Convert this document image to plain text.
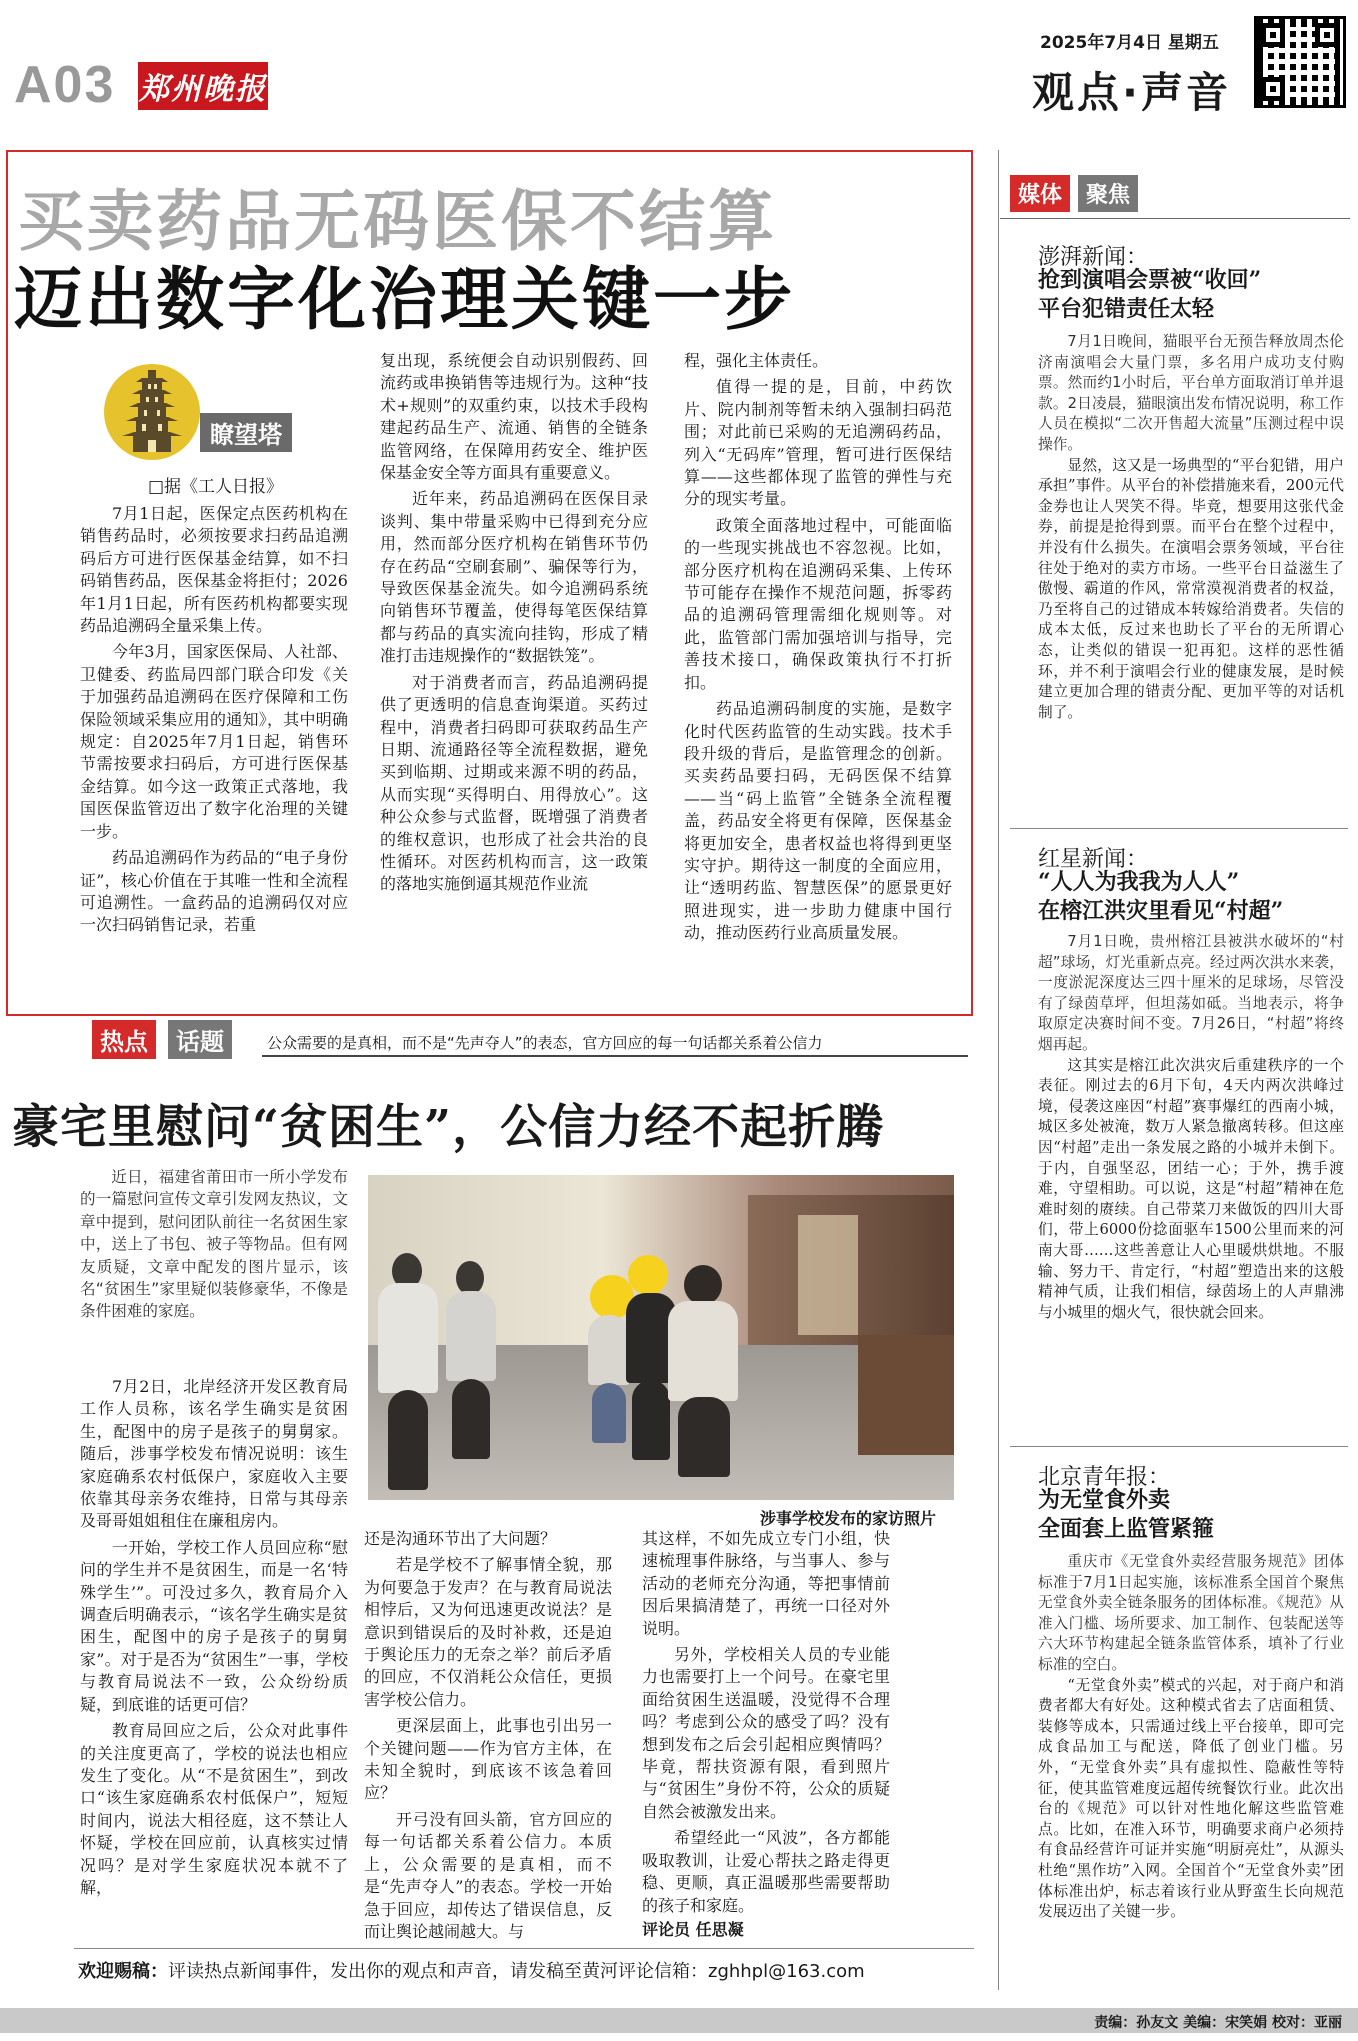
A03 郑州晚报
2025年7月4日 星期五
观点·声音
买卖药品无码医保不结算
迈出数字化治理关键一步
瞭望塔
□据《工人日报》

7月1日起，医保定点医药机构在销售药品时，必须按要求扫药品追溯码后方可进行医保基金结算，如不扫码销售药品，医保基金将拒付；2026年1月1日起，所有医药机构都要实现药品追溯码全量采集上传。

今年3月，国家医保局、人社部、卫健委、药监局四部门联合印发《关于加强药品追溯码在医疗保障和工伤保险领域采集应用的通知》，其中明确规定：自2025年7月1日起，销售环节需按要求扫码后，方可进行医保基金结算。如今这一政策正式落地，我国医保监管迈出了数字化治理的关键一步。

药品追溯码作为药品的“电子身份证”，核心价值在于其唯一性和全流程可追溯性。一盒药品的追溯码仅对应一次扫码销售记录，若重

复出现，系统便会自动识别假药、回流药或串换销售等违规行为。这种“技术+规则”的双重约束，以技术手段构建起药品生产、流通、销售的全链条监管网络，在保障用药安全、维护医保基金安全等方面具有重要意义。

近年来，药品追溯码在医保目录谈判、集中带量采购中已得到充分应用，然而部分医疗机构在销售环节仍存在药品“空刷套刷”、骗保等行为，导致医保基金流失。如今追溯码系统向销售环节覆盖，使得每笔医保结算都与药品的真实流向挂钩，形成了精准打击违规操作的“数据铁笼”。

对于消费者而言，药品追溯码提供了更透明的信息查询渠道。买药过程中，消费者扫码即可获取药品生产日期、流通路径等全流程数据，避免买到临期、过期或来源不明的药品，从而实现“买得明白、用得放心”。这种公众参与式监督，既增强了消费者的维权意识，也形成了社会共治的良性循环。对医药机构而言，这一政策的落地实施倒逼其规范作业流

程，强化主体责任。

值得一提的是，目前，中药饮片、院内制剂等暂未纳入强制扫码范围；对此前已采购的无追溯码药品，列入“无码库”管理，暂可进行医保结算——这些都体现了监管的弹性与充分的现实考量。

政策全面落地过程中，可能面临的一些现实挑战也不容忽视。比如，部分医疗机构在追溯码采集、上传环节可能存在操作不规范问题，拆零药品的追溯码管理需细化规则等。对此，监管部门需加强培训与指导，完善技术接口，确保政策执行不打折扣。

药品追溯码制度的实施，是数字化时代医药监管的生动实践。技术手段升级的背后，是监管理念的创新。买卖药品要扫码，无码医保不结算——当“码上监管”全链条全流程覆盖，药品安全将更有保障，医保基金将更加安全，患者权益也将得到更坚实守护。期待这一制度的全面应用，让“透明药监、智慧医保”的愿景更好照进现实，进一步助力健康中国行动，推动医药行业高质量发展。

热点	话题	公众需要的是真相，而不是“先声夺人”的表态，官方回应的每一句话都关系着公信力
豪宅里慰问“贫困生”，公信力经不起折腾

近日，福建省莆田市一所小学发布的一篇慰问宣传文章引发网友热议，文章中提到，慰问团队前往一名贫困生家中，送上了书包、被子等物品。但有网友质疑，文章中配发的图片显示，该名“贫困生”家里疑似装修豪华，不像是条件困难的家庭。

涉事学校发布的家访照片

7月2日，北岸经济开发区教育局工作人员称，该名学生确实是贫困生，配图中的房子是孩子的舅舅家。随后，涉事学校发布情况说明：该生家庭确系农村低保户，家庭收入主要依靠其母亲务农维持，日常与其母亲及哥哥姐姐租住在廉租房内。

一开始，学校工作人员回应称“慰问的学生并不是贫困生，而是一名‘特殊学生’”。可没过多久，教育局介入调查后明确表示，“该名学生确实是贫困生，配图中的房子是孩子的舅舅家”。对于是否为“贫困生”一事，学校与教育局说法不一致，公众纷纷质疑，到底谁的话更可信？

教育局回应之后，公众对此事件的关注度更高了，学校的说法也相应发生了变化。从“不是贫困生”，到改口“该生家庭确系农村低保户”，短短时间内，说法大相径庭，这不禁让人怀疑，学校在回应前，认真核实过情况吗？是对学生家庭状况本就不了解，

还是沟通环节出了大问题？

若是学校不了解事情全貌，那为何要急于发声？在与教育局说法相悖后，又为何迅速更改说法？是意识到错误后的及时补救，还是迫于舆论压力的无奈之举？前后矛盾的回应，不仅消耗公众信任，更损害学校公信力。

更深层面上，此事也引出另一个关键问题——作为官方主体，在未知全貌时，到底该不该急着回应？

开弓没有回头箭，官方回应的每一句话都关系着公信力。本质上，公众需要的是真相，而不是“先声夺人”的表态。学校一开始急于回应，却传达了错误信息，反而让舆论越闹越大。与

其这样，不如先成立专门小组，快速梳理事件脉络，与当事人、参与活动的老师充分沟通，等把事情前因后果搞清楚了，再统一口径对外说明。

另外，学校相关人员的专业能力也需要打上一个问号。在豪宅里面给贫困生送温暖，没觉得不合理吗？考虑到公众的感受了吗？没有想到发布之后会引起相应舆情吗？毕竟，帮扶资源有限，看到照片与“贫困生”身份不符，公众的质疑自然会被激发出来。

希望经此一“风波”，各方都能吸取教训，让爱心帮扶之路走得更稳、更顺，真正温暖那些需要帮助的孩子和家庭。

评论员 任思凝
欢迎赐稿：评读热点新闻事件，发出你的观点和声音，请发稿至黄河评论信箱：zghhpl@163.com
责编：孙友文 美编：宋笑娟 校对：亚丽
媒体	聚焦
澎湃新闻：
抢到演唱会票被“收回”
平台犯错责任太轻

7月1日晚间，猫眼平台无预告释放周杰伦济南演唱会大量门票，多名用户成功支付购票。然而约1小时后，平台单方面取消订单并退款。2日凌晨，猫眼演出发布情况说明，称工作人员在模拟“二次开售超大流量”压测过程中误操作。

显然，这又是一场典型的“平台犯错，用户承担”事件。从平台的补偿措施来看，200元代金券也让人哭笑不得。毕竟，想要用这张代金券，前提是抢得到票。而平台在整个过程中，并没有什么损失。在演唱会票务领域，平台往往处于绝对的卖方市场。一些平台日益滋生了傲慢、霸道的作风，常常漠视消费者的权益，乃至将自己的过错成本转嫁给消费者。失信的成本太低，反过来也助长了平台的无所谓心态，让类似的错误一犯再犯。这样的恶性循环，并不利于演唱会行业的健康发展，是时候建立更加合理的错责分配、更加平等的对话机制了。

红星新闻：
“人人为我我为人人”
在榕江洪灾里看见“村超”

7月1日晚，贵州榕江县被洪水破坏的“村超”球场，灯光重新点亮。经过两次洪水来袭，一度淤泥深度达三四十厘米的足球场，尽管没有了绿茵草坪，但坦荡如砥。当地表示，将争取原定决赛时间不变。7月26日，“村超”将终烟再起。

这其实是榕江此次洪灾后重建秩序的一个表征。刚过去的6月下旬，4天内两次洪峰过境，侵袭这座因“村超”赛事爆红的西南小城，城区多处被淹，数万人紧急撤离转移。但这座因“村超”走出一条发展之路的小城并未倒下。于内，自强坚忍，团结一心；于外，携手渡难，守望相助。可以说，这是“村超”精神在危难时刻的赓续。自己带菜刀来做饭的四川大哥们，带上6000份捻面驱车1500公里而来的河南大哥……这些善意让人心里暖烘烘地。不服输、努力干、肯定行，“村超”塑造出来的这般精神气质，让我们相信，绿茵场上的人声鼎沸与小城里的烟火气，很快就会回来。

北京青年报：
为无堂食外卖
全面套上监管紧箍

重庆市《无堂食外卖经营服务规范》团体标准于7月1日起实施，该标准系全国首个聚焦无堂食外卖全链条服务的团体标准。《规范》从准入门槛、场所要求、加工制作、包装配送等六大环节构建起全链条监管体系，填补了行业标准的空白。

“无堂食外卖”模式的兴起，对于商户和消费者都大有好处。这种模式省去了店面租赁、装修等成本，只需通过线上平台接单，即可完成食品加工与配送，降低了创业门槛。另外，“无堂食外卖”具有虚拟性、隐蔽性等特征，使其监管难度远超传统餐饮行业。此次出台的《规范》可以针对性地化解这些监管难点。比如，在准入环节，明确要求商户必须持有食品经营许可证并实施“明厨亮灶”，从源头杜绝“黑作坊”入网。全国首个“无堂食外卖”团体标准出炉，标志着该行业从野蛮生长向规范发展迈出了关键一步。
